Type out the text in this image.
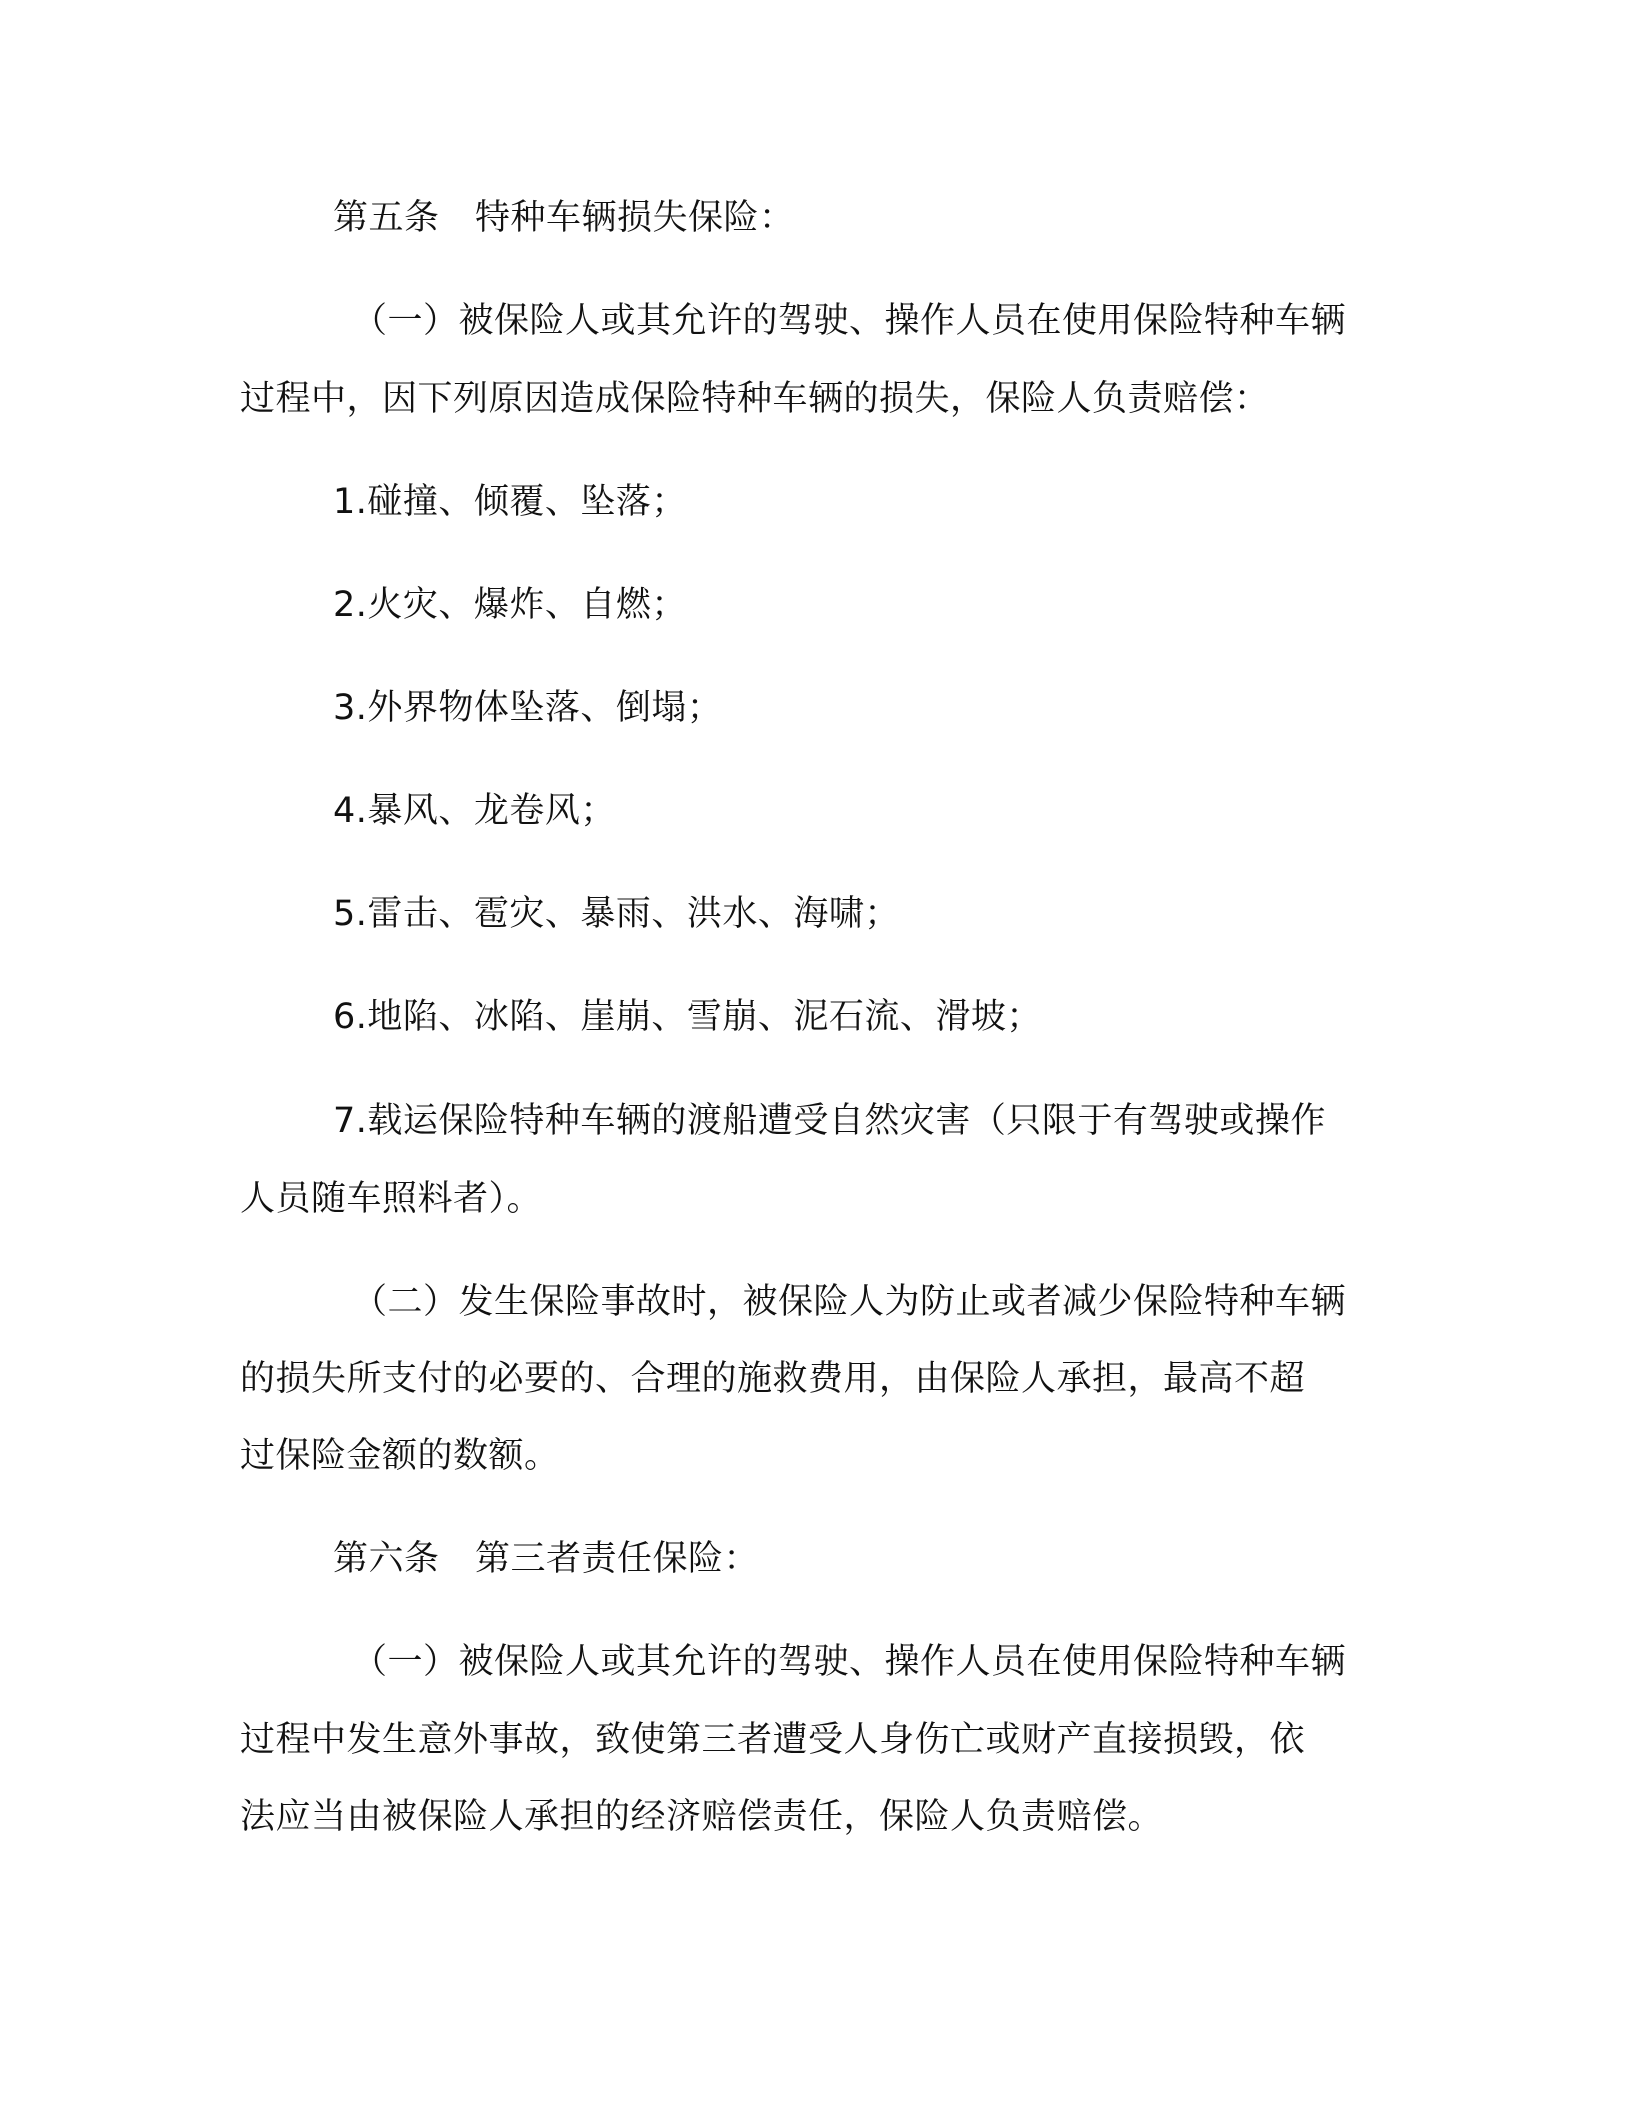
第五条　特种车辆损失保险：
（一）被保险人或其允许的驾驶、操作人员在使用保险特种车辆
过程中，因下列原因造成保险特种车辆的损失，保险人负责赔偿：
1.碰撞、倾覆、坠落；
2.火灾、爆炸、自燃；
3.外界物体坠落、倒塌；
4.暴风、龙卷风；
5.雷击、雹灾、暴雨、洪水、海啸；
6.地陷、冰陷、崖崩、雪崩、泥石流、滑坡；
7.载运保险特种车辆的渡船遭受自然灾害（只限于有驾驶或操作
人员随车照料者）。
（二）发生保险事故时，被保险人为防止或者减少保险特种车辆
的损失所支付的必要的、合理的施救费用，由保险人承担，最高不超
过保险金额的数额。
第六条　第三者责任保险：
（一）被保险人或其允许的驾驶、操作人员在使用保险特种车辆
过程中发生意外事故，致使第三者遭受人身伤亡或财产直接损毁，依
法应当由被保险人承担的经济赔偿责任，保险人负责赔偿。
